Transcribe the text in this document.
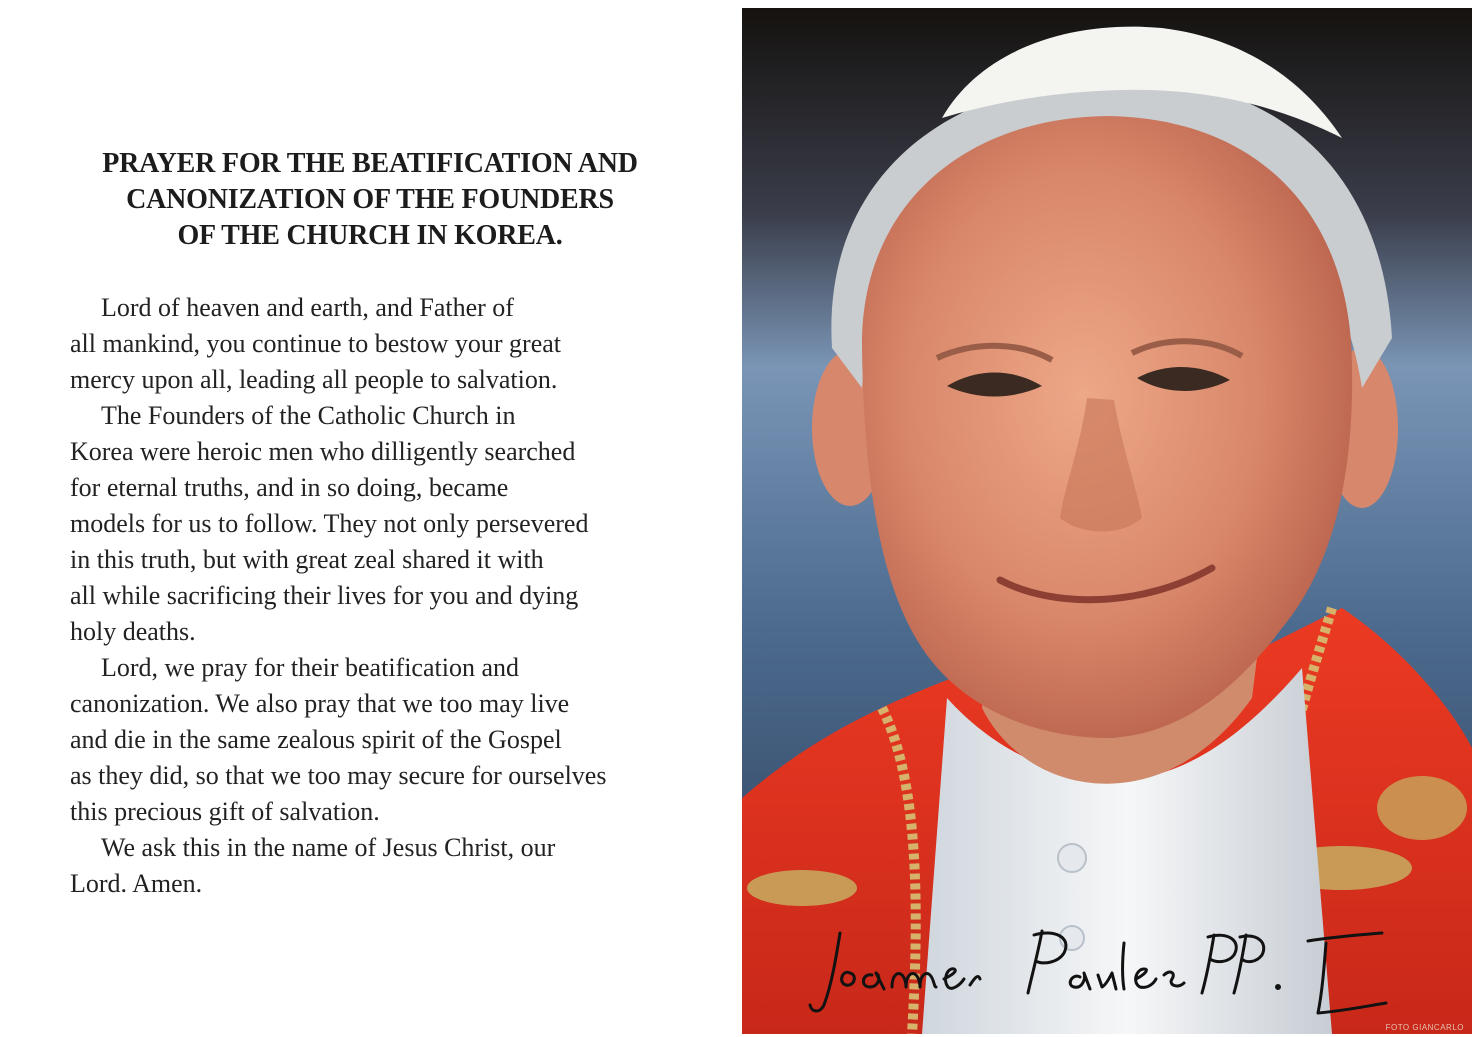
PRAYER FOR THE BEATIFICATION AND
CANONIZATION OF THE FOUNDERS
OF THE CHURCH IN KOREA.
Lord of heaven and earth, and Father of
all mankind, you continue to bestow your great
mercy upon all, leading all people to salvation.
The Founders of the Catholic Church in
Korea were heroic men who dilligently searched
for eternal truths, and in so doing, became
models for us to follow. They not only persevered
in this truth, but with great zeal shared it with
all while sacrificing their lives for you and dying
holy deaths.
Lord, we pray for their beatification and
canonization. We also pray that we too may live
and die in the same zealous spirit of the Gospel
as they did, so that we too may secure for ourselves
this precious gift of salvation.
We ask this in the name of Jesus Christ, our
Lord. Amen.
FOTO GIANCARLO
